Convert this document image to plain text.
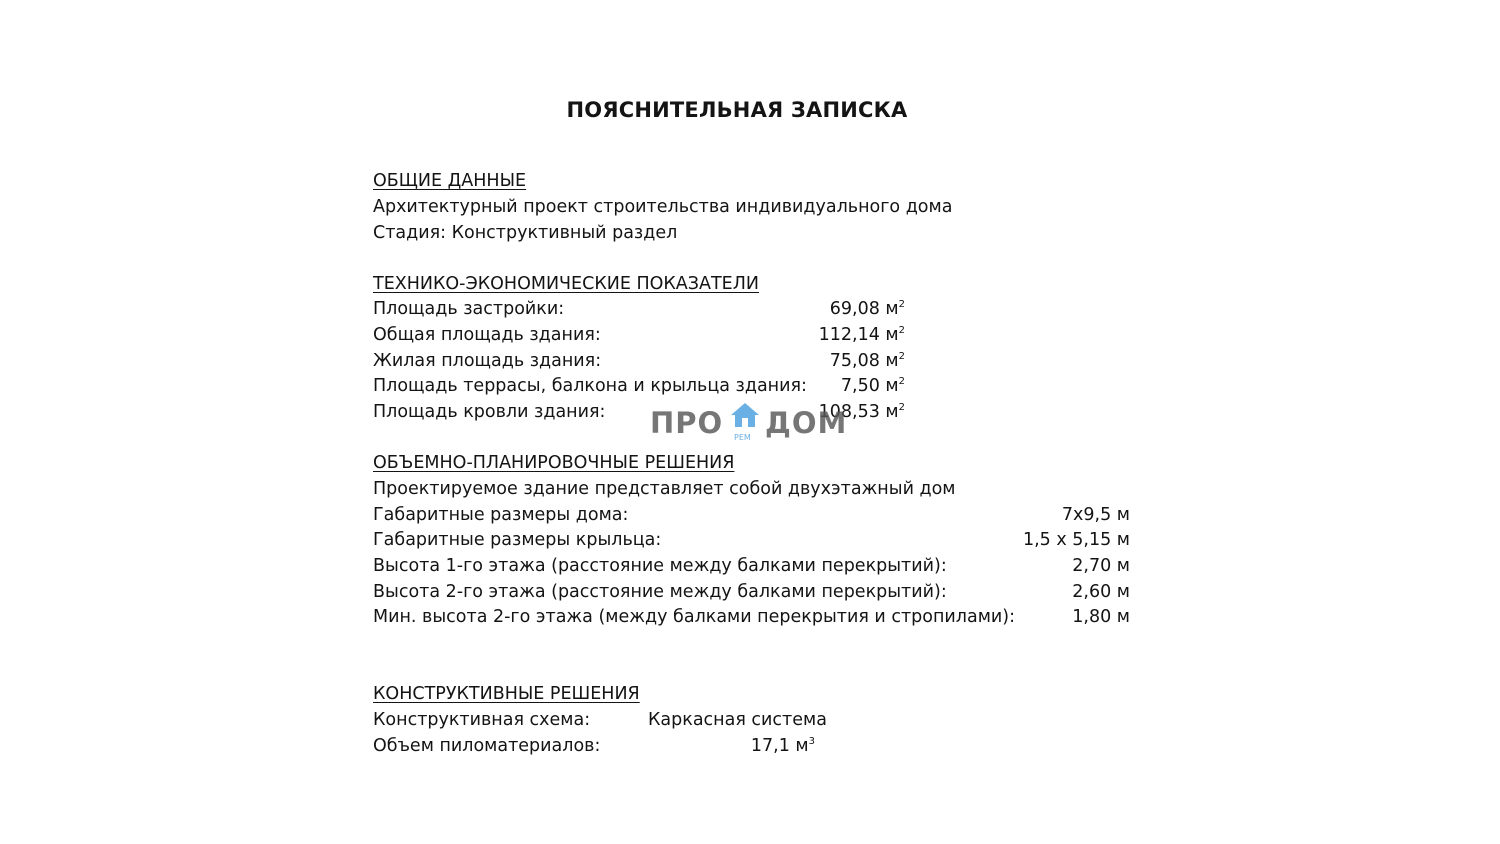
ПОЯСНИТЕЛЬНАЯ ЗАПИСКА
ОБЩИЕ ДАННЫЕ
Архитектурный проект строительства индивидуального дома
Стадия: Конструктивный раздел
ТЕХНИКО-ЭКОНОМИЧЕСКИЕ ПОКАЗАТЕЛИ
Площадь застройки:	69,08 $м^2$
Общая площадь здания:	112,14 $м^2$
Жилая площадь здания:	75,08 $м^2$
Площадь террасы, балкона и крыльца здания:	7,50 $м^2$
Площадь кровли здания:	108,53 $м^2$
ОБЪЕМНО-ПЛАНИРОВОЧНЫЕ РЕШЕНИЯ
Проектируемое здание представляет собой двухэтажный дом
Габаритные размеры дома:	7x9,5 м
Габаритные размеры крыльца:	1,5 x 5,15 м
Высота 1-го этажа (расстояние между балками перекрытий):	2,70 м
Высота 2-го этажа (расстояние между балками перекрытий):	2,60 м
Мин. высота 2-го этажа (между балками перекрытия и стропилами):	1,80 м
КОНСТРУКТИВНЫЕ РЕШЕНИЯ
Конструктивная схема:	Каркасная система
Объем пиломатериалов:	17,1 $м^3$
ПРО РЕМ ДОМ
